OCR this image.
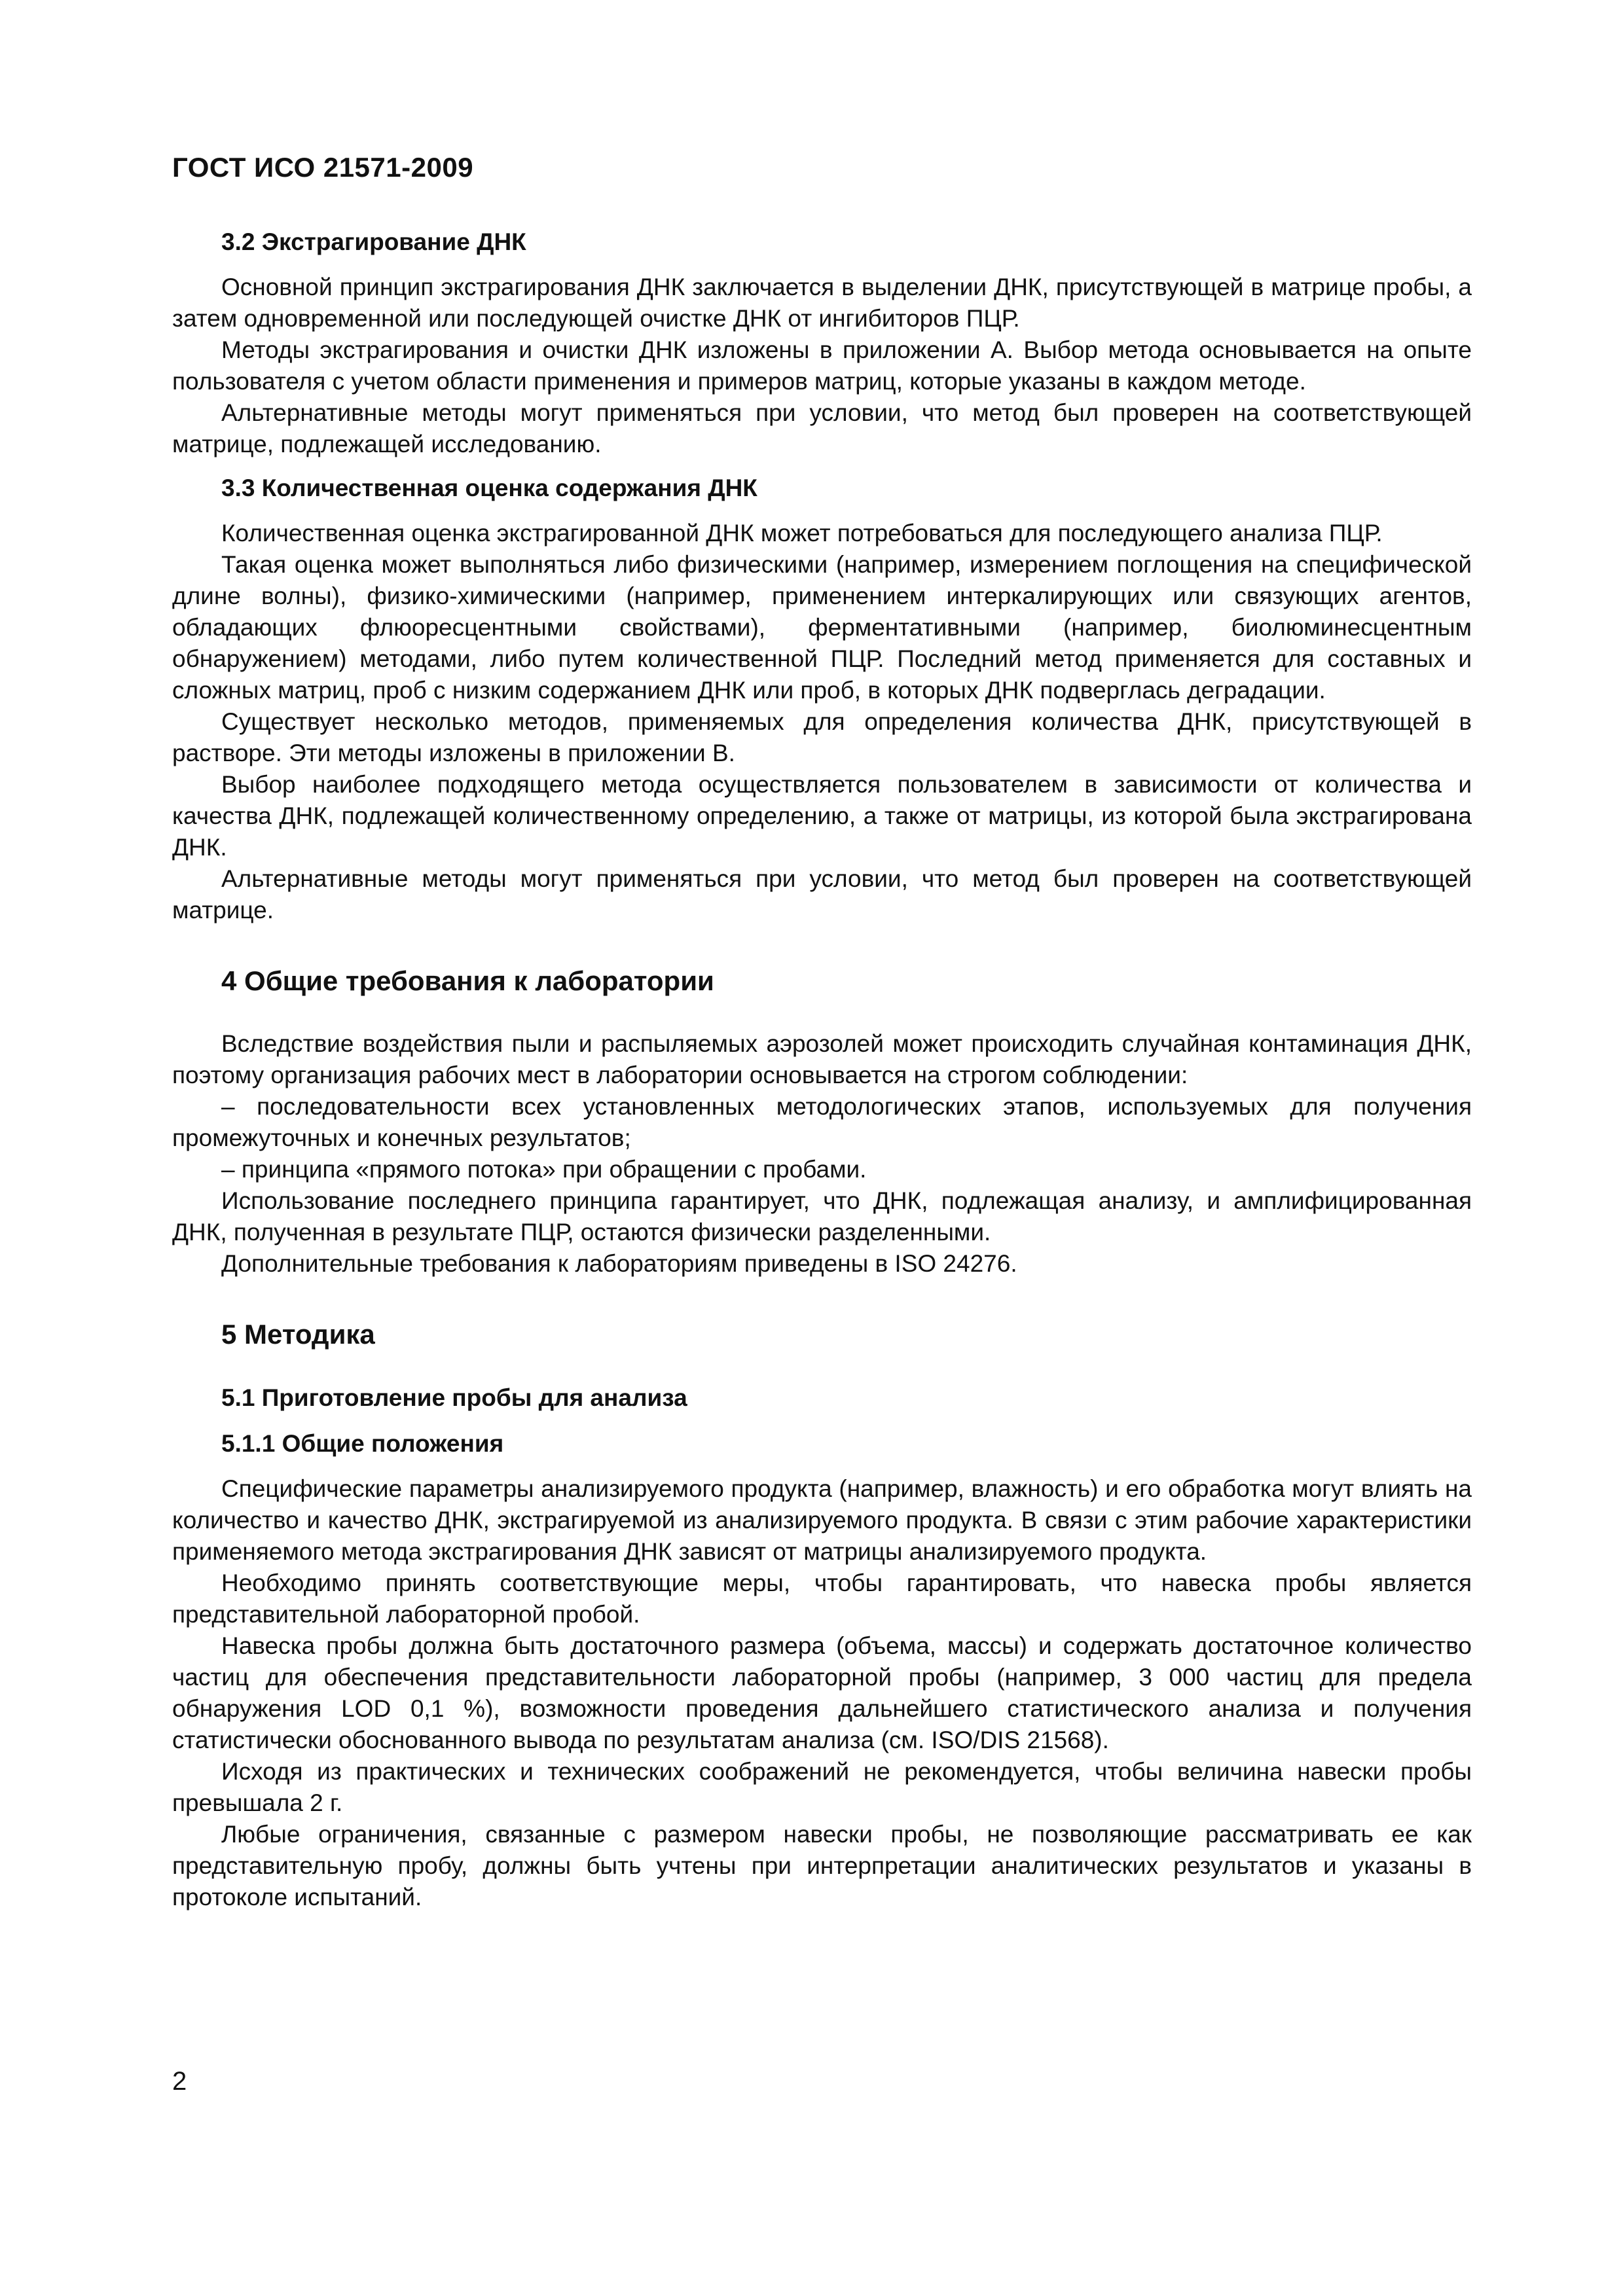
ГОСТ ИСО 21571-2009
3.2 Экстрагирование ДНК

Основной принцип экстрагирования ДНК заключается в выделении ДНК, присутствующей в матрице пробы, а затем одновременной или последующей очистке ДНК от ингибиторов ПЦР.

Методы экстрагирования и очистки ДНК изложены в приложении А. Выбор метода основывается на опыте пользователя с учетом области применения и примеров матриц, которые указаны в каждом методе.

Альтернативные методы могут применяться при условии, что метод был проверен на соответствующей матрице, подлежащей исследованию.

3.3 Количественная оценка содержания ДНК

Количественная оценка экстрагированной ДНК может потребоваться для последующего анализа ПЦР.

Такая оценка может выполняться либо физическими (например, измерением поглощения на специфической длине волны), физико-химическими (например, применением интеркалирующих или связующих агентов, обладающих флюоресцентными свойствами), ферментативными (например, биолюминесцентным обнаружением) методами, либо путем количественной ПЦР. Последний метод применяется для составных и сложных матриц, проб с низким содержанием ДНК или проб, в которых ДНК подверглась деградации.

Существует несколько методов, применяемых для определения количества ДНК, присутствующей в растворе. Эти методы изложены в приложении В.

Выбор наиболее подходящего метода осуществляется пользователем в зависимости от количества и качества ДНК, подлежащей количественному определению, а также от матрицы, из которой была экстрагирована ДНК.

Альтернативные методы могут применяться при условии, что метод был проверен на соответствующей матрице.

4 Общие требования к лаборатории

Вследствие воздействия пыли и распыляемых аэрозолей может происходить случайная контаминация ДНК, поэтому организация рабочих мест в лаборатории основывается на строгом соблюдении:

– последовательности всех установленных методологических этапов, используемых для получения промежуточных и конечных результатов;

– принципа «прямого потока» при обращении с пробами.

Использование последнего принципа гарантирует, что ДНК, подлежащая анализу, и амплифицированная ДНК, полученная в результате ПЦР, остаются физически разделенными.

Дополнительные требования к лабораториям приведены в ISO 24276.

5 Методика
5.1 Приготовление пробы для анализа
5.1.1 Общие положения

Специфические параметры анализируемого продукта (например, влажность) и его обработка могут влиять на количество и качество ДНК, экстрагируемой из анализируемого продукта. В связи с этим рабочие характеристики применяемого метода экстрагирования ДНК зависят от матрицы анализируемого продукта.

Необходимо принять соответствующие меры, чтобы гарантировать, что навеска пробы является представительной лабораторной пробой.

Навеска пробы должна быть достаточного размера (объема, массы) и содержать достаточное количество частиц для обеспечения представительности лабораторной пробы (например, 3 000 частиц для предела обнаружения LOD 0,1 %), возможности проведения дальнейшего статистического анализа и получения статистически обоснованного вывода по результатам анализа (см. ISO/DIS 21568).

Исходя из практических и технических соображений не рекомендуется, чтобы величина навески пробы превышала 2 г.

Любые ограничения, связанные с размером навески пробы, не позволяющие рассматривать ее как представительную пробу, должны быть учтены при интерпретации аналитических результатов и указаны в протоколе испытаний.

2
